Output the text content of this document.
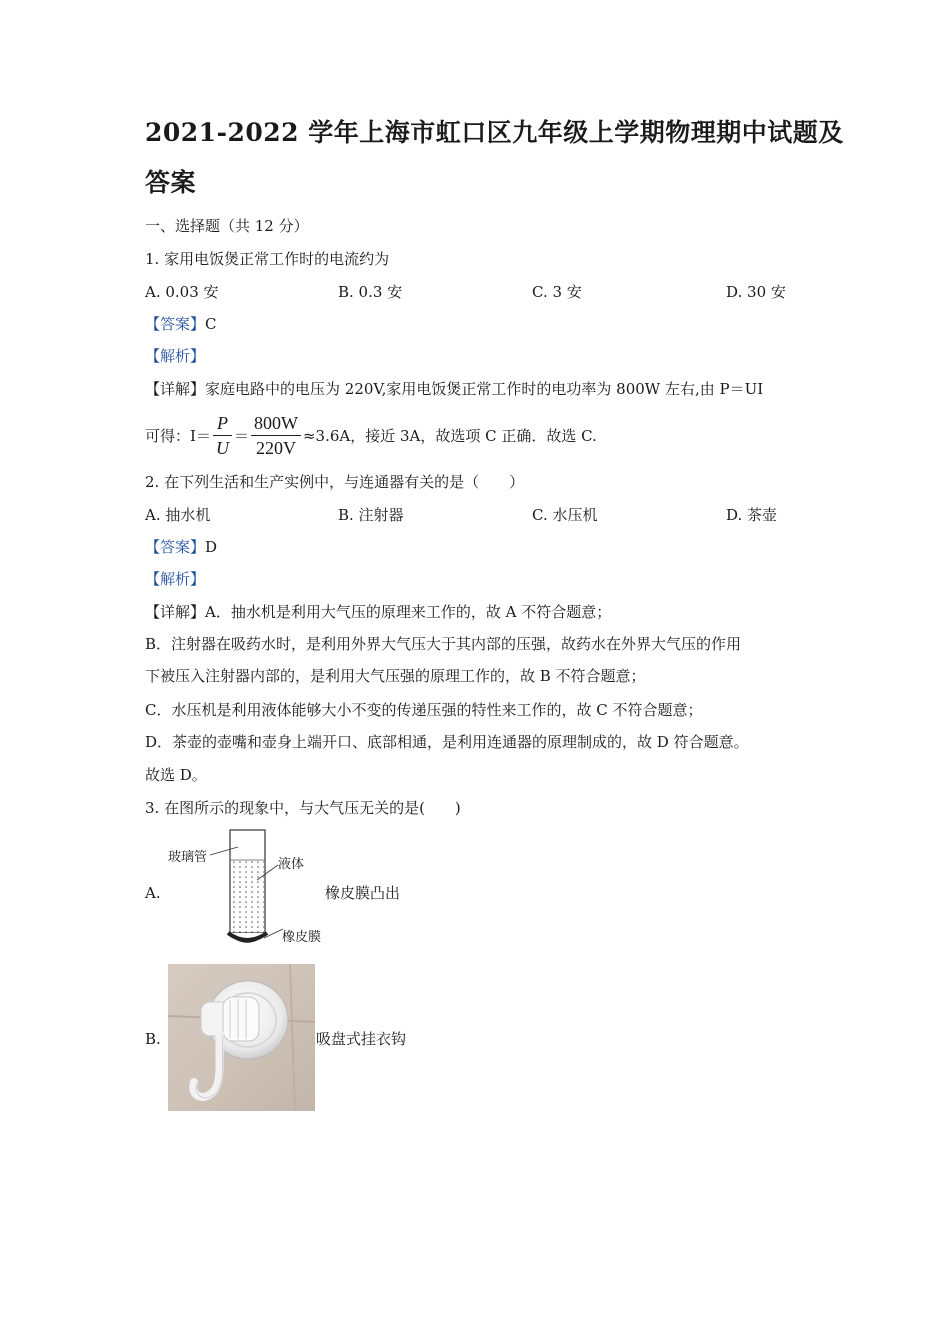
2021-2022 学年上海市虹口区九年级上学期物理期中试题及
答案
一、选择题（共 12 分）
1. 家用电饭煲正常工作时的电流约为
A. 0.03 安	B. 0.3 安	C. 3 安	D. 30 安
【答案】C
【解析】
【详解】家庭电路中的电压为 220V,家用电饭煲正常工作时的电功率为 800W 左右,由 P＝UI
可得：$I= \frac{P}{U} = \frac{800W}{220V} \approx 3.6A$，接近 3A，故选项 C 正确．故选 C.
2. 在下列生活和生产实例中，与连通器有关的是（　　）
A. 抽水机	B. 注射器	C. 水压机	D. 茶壶
【答案】D
【解析】
【详解】A．抽水机是利用大气压的原理来工作的，故 A 不符合题意；
B．注射器在吸药水时，是利用外界大气压大于其内部的压强，故药水在外界大气压的作用
下被压入注射器内部的，是利用大气压强的原理工作的，故 B 不符合题意；
C．水压机是利用液体能够大小不变的传递压强的特性来工作的，故 C 不符合题意；
D．茶壶的壶嘴和壶身上端开口、底部相通，是利用连通器的原理制成的，故 D 符合题意。
故选 D。
3. 在图所示的现象中，与大气压无关的是(　　)
A.
玻璃管	液体
橡皮膜
橡皮膜凸出
B.	吸盘式挂衣钩
